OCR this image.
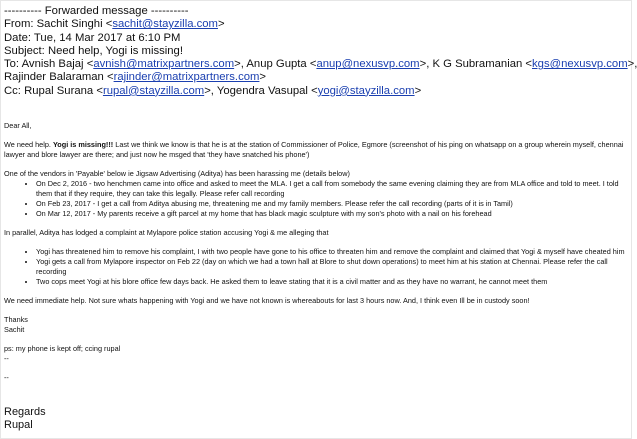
---------- Forwarded message ----------
From: Sachit Singhi <sachit@stayzilla.com>
Date: Tue, 14 Mar 2017 at 6:10 PM
Subject: Need help, Yogi is missing!
To: Avnish Bajaj <avnish@matrixpartners.com>, Anup Gupta <anup@nexusvp.com>, K G Subramanian <kgs@nexusvp.com>,
Rajinder Balaraman <rajinder@matrixpartners.com>
Cc: Rupal Surana <rupal@stayzilla.com>, Yogendra Vasupal <yogi@stayzilla.com>

Dear All,

We need help. Yogi is missing!!! Last we think we know is that he is at the station of Commissioner of Police, Egmore (screenshot of his ping on whatsapp on a group wherein myself, chennai lawyer and blore lawyer are there; and just now he msged that 'they have snatched his phone')

One of the vendors in 'Payable' below ie Jigsaw Advertising (Aditya) has been harassing me (details below)

• On Dec 2, 2016 - two henchmen came into office and asked to meet the MLA. I get a call from somebody the same evening claiming they are from MLA office and told to meet. I told them that if they require, they can take this legally. Please refer call recording
• On Feb 23, 2017 - I get a call from Aditya abusing me, threatening me and my family members. Please refer the call recording (parts of it is in Tamil)
• On Mar 12, 2017 - My parents receive a gift parcel at my home that has black magic sculpture with my son's photo with a nail on his forehead

In parallel, Aditya has lodged a complaint at Mylapore police station accusing Yogi & me alleging that

• Yogi has threatened him to remove his complaint, I with two people have gone to his office to threaten him and remove the complaint and claimed that Yogi & myself have cheated him
• Yogi gets a call from Mylapore inspector on Feb 22 (day on which we had a town hall at Blore to shut down operations) to meet him at his station at Chennai. Please refer the call recording
• Two cops meet Yogi at his blore office few days back. He asked them to leave stating that it is a civil matter and as they have no warrant, he cannot meet them

We need immediate help. Not sure whats happening with Yogi and we have not known is whereabouts for last 3 hours now. And, I think even Ill be in custody soon!

Thanks

Sachit

ps: my phone is kept off; ccing rupal

--

--

Regards
Rupal
